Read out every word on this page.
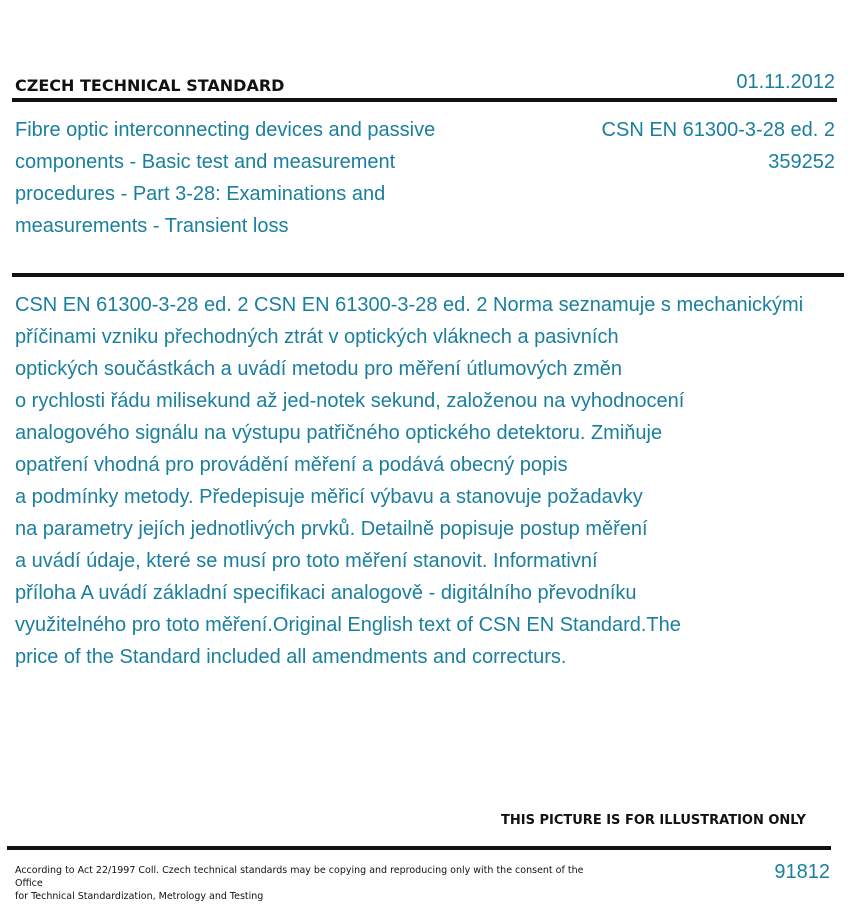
CZECH TECHNICAL STANDARD	01.11.2012
Fibre optic interconnecting devices and passive
components - Basic test and measurement
procedures - Part 3-28: Examinations and
measurements - Transient loss
CSN EN 61300-3-28 ed. 2
359252
CSN EN 61300-3-28 ed. 2 CSN EN 61300-3-28 ed. 2 Norma seznamuje s mechanickými
příčinami vzniku přechodných ztrát v optických vláknech a pasivních
optických součástkách a uvádí metodu pro měření útlumových změn
o rychlosti řádu milisekund až jed-notek sekund, založenou na vyhodnocení
analogového signálu na výstupu patřičného optického detektoru. Zmiňuje
opatření vhodná pro provádění měření a podává obecný popis
a podmínky metody. Předepisuje měřicí výbavu a stanovuje požadavky
na parametry jejích jednotlivých prvků. Detailně popisuje postup měření
a uvádí údaje, které se musí pro toto měření stanovit. Informativní
příloha A uvádí základní specifikaci analogově - digitálního převodníku
využitelného pro toto měření.Original English text of CSN EN Standard.The
price of the Standard included all amendments and correcturs.
THIS PICTURE IS FOR ILLUSTRATION ONLY
According to Act 22/1997 Coll. Czech technical standards may be copying and reproducing only with the consent of the Office
for Technical Standardization, Metrology and Testing
91812
